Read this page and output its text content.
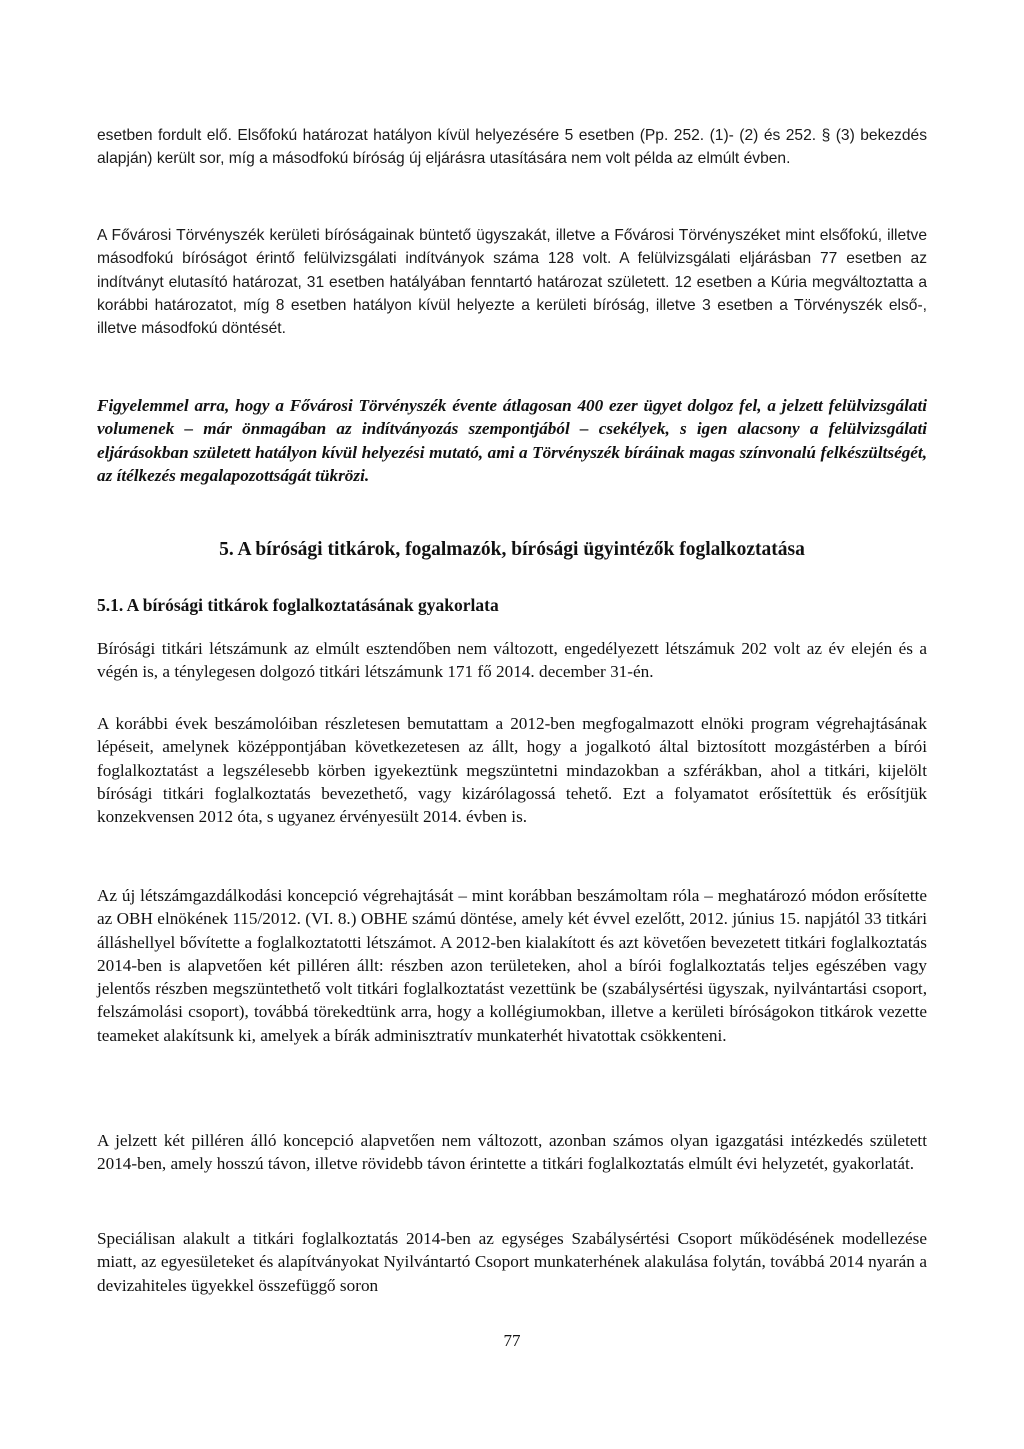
esetben fordult elő. Elsőfokú határozat hatályon kívül helyezésére 5 esetben (Pp. 252. (1)- (2) és 252. § (3) bekezdés alapján) került sor, míg a másodfokú bíróság új eljárásra utasítására nem volt példa az elmúlt évben.

A Fővárosi Törvényszék kerületi bíróságainak büntető ügyszakát, illetve a Fővárosi Törvényszéket mint elsőfokú, illetve másodfokú bíróságot érintő felülvizsgálati indítványok száma 128 volt. A felülvizsgálati eljárásban 77 esetben az indítványt elutasító határozat, 31 esetben hatályában fenntartó határozat született. 12 esetben a Kúria megváltoztatta a korábbi határozatot, míg 8 esetben hatályon kívül helyezte a kerületi bíróság, illetve 3 esetben a Törvényszék első-, illetve másodfokú döntését.

Figyelemmel arra, hogy a Fővárosi Törvényszék évente átlagosan 400 ezer ügyet dolgoz fel, a jelzett felülvizsgálati volumenek – már önmagában az indítványozás szempontjából – csekélyek, s igen alacsony a felülvizsgálati eljárásokban született hatályon kívül helyezési mutató, ami a Törvényszék bíráinak magas színvonalú felkészültségét, az ítélkezés megalapozottságát tükrözi.

5. A bírósági titkárok, fogalmazók, bírósági ügyintézők foglalkoztatása
5.1. A bírósági titkárok foglalkoztatásának gyakorlata

Bírósági titkári létszámunk az elmúlt esztendőben nem változott, engedélyezett létszámuk 202 volt az év elején és a végén is, a ténylegesen dolgozó titkári létszámunk 171 fő 2014. december 31-én.

A korábbi évek beszámolóiban részletesen bemutattam a 2012-ben megfogalmazott elnöki program végrehajtásának lépéseit, amelynek középpontjában következetesen az állt, hogy a jogalkotó által biztosított mozgástérben a bírói foglalkoztatást a legszélesebb körben igyekeztünk megszüntetni mindazokban a szférákban, ahol a titkári, kijelölt bírósági titkári foglalkoztatás bevezethető, vagy kizárólagossá tehető. Ezt a folyamatot erősítettük és erősítjük konzekvensen 2012 óta, s ugyanez érvényesült 2014. évben is.

Az új létszámgazdálkodási koncepció végrehajtását – mint korábban beszámoltam róla – meghatározó módon erősítette az OBH elnökének 115/2012. (VI. 8.) OBHE számú döntése, amely két évvel ezelőtt, 2012. június 15. napjától 33 titkári álláshellyel bővítette a foglalkoztatotti létszámot. A 2012-ben kialakított és azt követően bevezetett titkári foglalkoztatás 2014-ben is alapvetően két pilléren állt: részben azon területeken, ahol a bírói foglalkoztatás teljes egészében vagy jelentős részben megszüntethető volt titkári foglalkoztatást vezettünk be (szabálysértési ügyszak, nyilvántartási csoport, felszámolási csoport), továbbá törekedtünk arra, hogy a kollégiumokban, illetve a kerületi bíróságokon titkárok vezette teameket alakítsunk ki, amelyek a bírák adminisztratív munkaterhét hivatottak csökkenteni.

A jelzett két pilléren álló koncepció alapvetően nem változott, azonban számos olyan igazgatási intézkedés született 2014-ben, amely hosszú távon, illetve rövidebb távon érintette a titkári foglalkoztatás elmúlt évi helyzetét, gyakorlatát.

Speciálisan alakult a titkári foglalkoztatás 2014-ben az egységes Szabálysértési Csoport működésének modellezése miatt, az egyesületeket és alapítványokat Nyilvántartó Csoport munkaterhének alakulása folytán, továbbá 2014 nyarán a devizahiteles ügyekkel összefüggő soron

77
